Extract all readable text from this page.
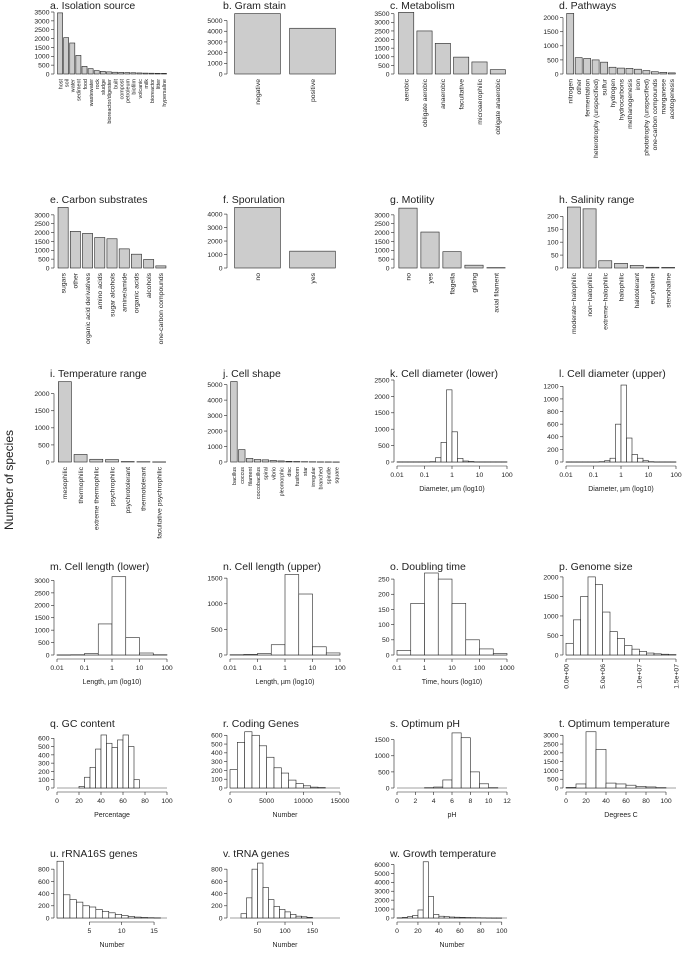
Number of species
a. Isolation source
0
500
1000
1500
2000
2500
3000
3500
host soil water sediment food wastewater rock sludge bioreactor/digester built compost petroleum biofilm volcanic milk bioreactor litter hypersaline
b. Gram stain
0
1000
2000
3000
4000
5000
negative	positive
c. Metabolism
0
500
1000
1500
2000
2500
3000
3500
aerobic obligate aerobic anaerobic facultative microaerophilic obligate anaerobic
d. Pathways
0
500
1000
1500
2000
nitrogen other fermentation heterotrophy (unspecified) sulfur hydrogen hydrocarbons methanogenesis iron phototrophy (unspecified) one-carbon compounds manganese acetogenesis
e. Carbon substrates
0
500
1000
1500
2000
2500
3000
sugars other organic acid derivatives amino acids sugar alcohols amine/amide organic acids alcohols one-carbon compounds
f. Sporulation
0
1000
2000
3000
4000
no	yes
g. Motility
0
500
1000
1500
2000
2500
3000
no yes flagella gliding axial filament
h. Salinity range
0
50
100
150
200
moderate−halophilic non−halophilic extreme−halophilic halophilic halotolerant euryhaline stenohaline
i. Temperature range
0
500
1000
1500
2000
mesophilic thermophilic extreme thermophilic psychrophilic psychrotolerant thermotolerant facultative psychrophilic
j. Cell shape
0
1000
2000
3000
4000
5000
bacillus coccus filament coccobacillus spiral vibrio pleomorphic disc fusiform star irregular branched spindle square
k. Cell diameter (lower)
0
500
1000
1500
2000
2500
0.01 0.1	1	10	100
Diameter, µm (log10)
l. Cell diameter (upper)
0
200
400
600
800
1000
1200
0.01 0.1	1	10	100
Diameter, µm (log10)
m. Cell length (lower)
0
500
1000
1500
2000
2500
3000
0.01 0.1	1	10	100
Length, µm (log10)
n. Cell length (upper)
0
500
1000
1500
0.01 0.1	1	10	100
Length, µm (log10)
o. Doubling time
0
50
100
150
200
250
0.1	1	10	100 1000
Time, hours (log10)
p. Genome size
0
500
1000
1500
2000
0.0e+00	5.0e+06	1.0e+07	1.5e+07
q. GC content
0
100
200
300
400
500
600
0 20 40 60 80 100
Percentage
r. Coding Genes
0
100
200
300
400
500
600
0	5000	10000	15000
Number
s. Optimum pH
0
500
1000
1500
0 2 4 6 8 10 12
pH
t. Optimum temperature
0
500
1000
1500
2000
2500
3000
0 20 40 60 80 100
Degrees C
u. rRNA16S genes
0
200
400
600
800
5	10	15
Number
v. tRNA genes
0
200
400
600
800
50	100 150
Number
w. Growth temperature
0
1000
2000
3000
4000
5000
6000
0 20 40 60 80 100
Number
